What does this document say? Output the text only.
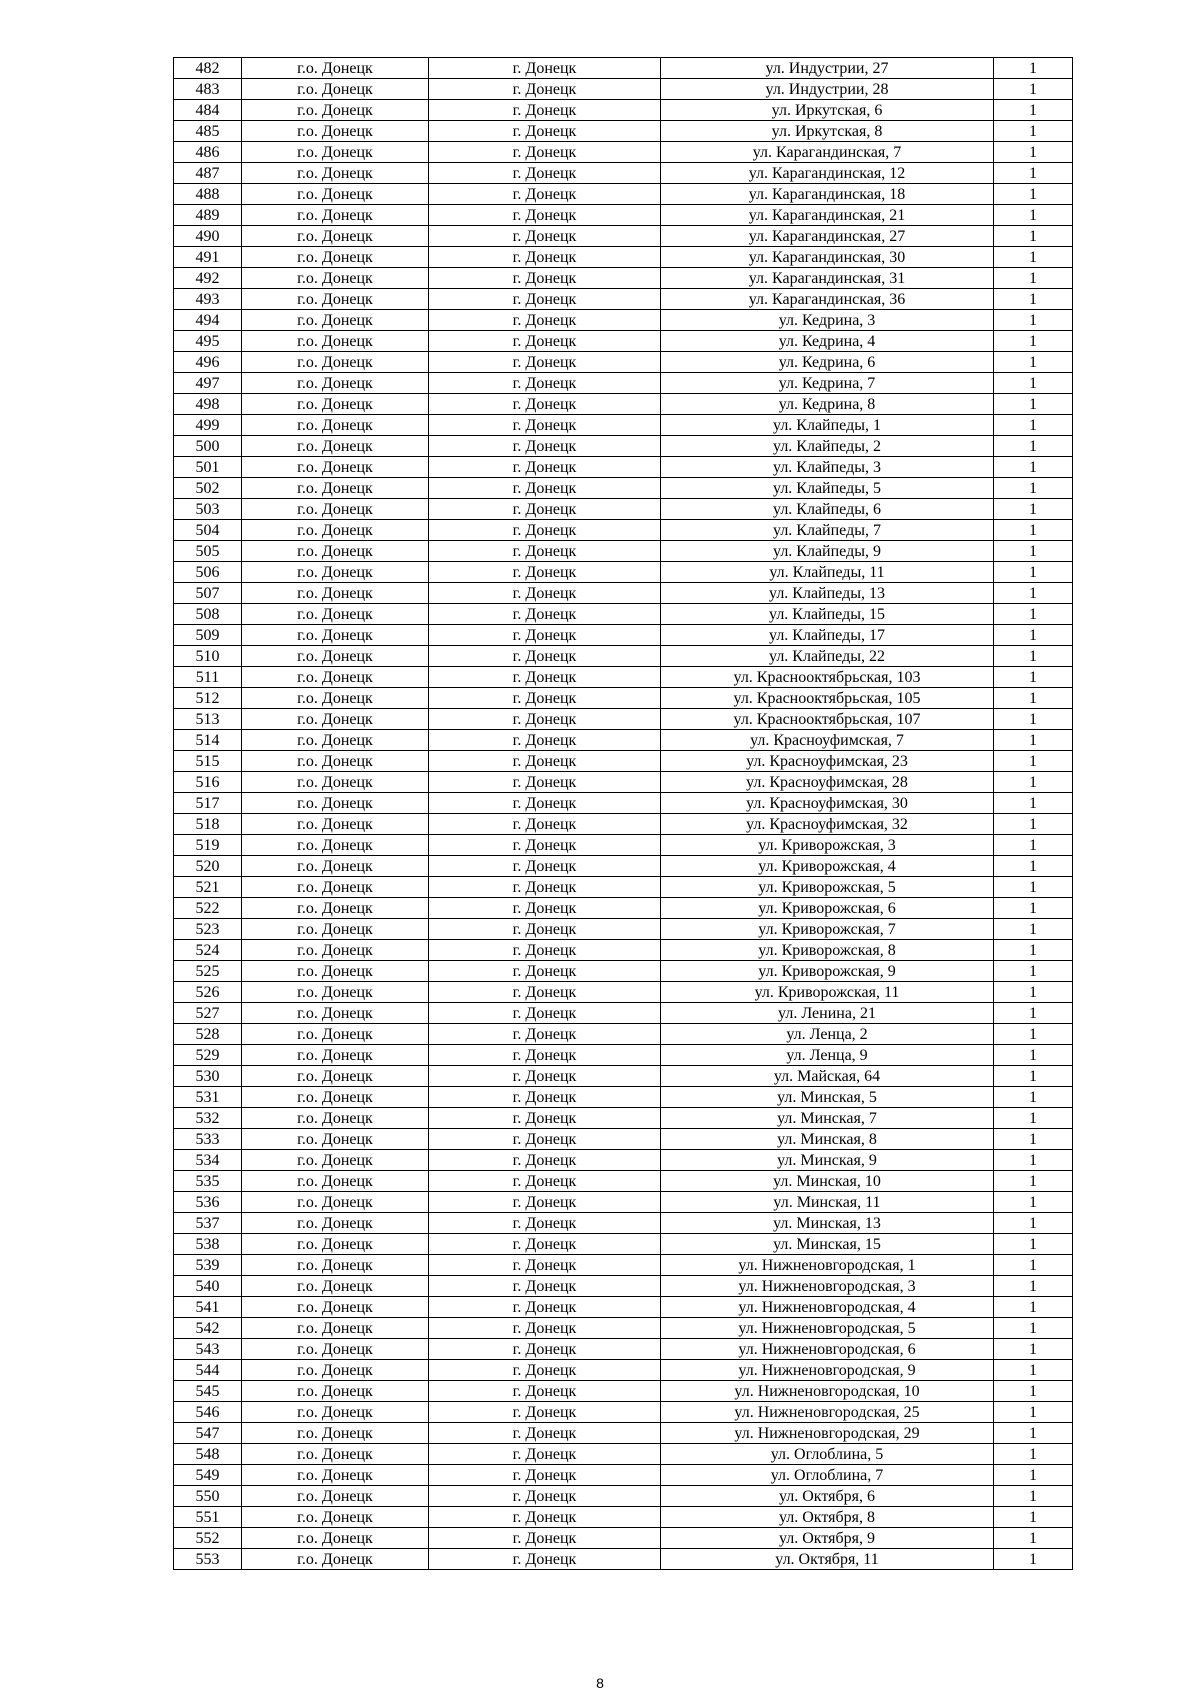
482	г.о. Донецк	г. Донецк	ул. Индустрии, 27	1
483	г.о. Донецк	г. Донецк	ул. Индустрии, 28	1
484	г.о. Донецк	г. Донецк	ул. Иркутская, 6	1
485	г.о. Донецк	г. Донецк	ул. Иркутская, 8	1
486	г.о. Донецк	г. Донецк	ул. Карагандинская, 7	1
487	г.о. Донецк	г. Донецк	ул. Карагандинская, 12	1
488	г.о. Донецк	г. Донецк	ул. Карагандинская, 18	1
489	г.о. Донецк	г. Донецк	ул. Карагандинская, 21	1
490	г.о. Донецк	г. Донецк	ул. Карагандинская, 27	1
491	г.о. Донецк	г. Донецк	ул. Карагандинская, 30	1
492	г.о. Донецк	г. Донецк	ул. Карагандинская, 31	1
493	г.о. Донецк	г. Донецк	ул. Карагандинская, 36	1
494	г.о. Донецк	г. Донецк	ул. Кедрина, 3	1
495	г.о. Донецк	г. Донецк	ул. Кедрина, 4	1
496	г.о. Донецк	г. Донецк	ул. Кедрина, 6	1
497	г.о. Донецк	г. Донецк	ул. Кедрина, 7	1
498	г.о. Донецк	г. Донецк	ул. Кедрина, 8	1
499	г.о. Донецк	г. Донецк	ул. Клайпеды, 1	1
500	г.о. Донецк	г. Донецк	ул. Клайпеды, 2	1
501	г.о. Донецк	г. Донецк	ул. Клайпеды, 3	1
502	г.о. Донецк	г. Донецк	ул. Клайпеды, 5	1
503	г.о. Донецк	г. Донецк	ул. Клайпеды, 6	1
504	г.о. Донецк	г. Донецк	ул. Клайпеды, 7	1
505	г.о. Донецк	г. Донецк	ул. Клайпеды, 9	1
506	г.о. Донецк	г. Донецк	ул. Клайпеды, 11	1
507	г.о. Донецк	г. Донецк	ул. Клайпеды, 13	1
508	г.о. Донецк	г. Донецк	ул. Клайпеды, 15	1
509	г.о. Донецк	г. Донецк	ул. Клайпеды, 17	1
510	г.о. Донецк	г. Донецк	ул. Клайпеды, 22	1
511	г.о. Донецк	г. Донецк	ул. Краснооктябрьская, 103	1
512	г.о. Донецк	г. Донецк	ул. Краснооктябрьская, 105	1
513	г.о. Донецк	г. Донецк	ул. Краснооктябрьская, 107	1
514	г.о. Донецк	г. Донецк	ул. Красноуфимская, 7	1
515	г.о. Донецк	г. Донецк	ул. Красноуфимская, 23	1
516	г.о. Донецк	г. Донецк	ул. Красноуфимская, 28	1
517	г.о. Донецк	г. Донецк	ул. Красноуфимская, 30	1
518	г.о. Донецк	г. Донецк	ул. Красноуфимская, 32	1
519	г.о. Донецк	г. Донецк	ул. Криворожская, 3	1
520	г.о. Донецк	г. Донецк	ул. Криворожская, 4	1
521	г.о. Донецк	г. Донецк	ул. Криворожская, 5	1
522	г.о. Донецк	г. Донецк	ул. Криворожская, 6	1
523	г.о. Донецк	г. Донецк	ул. Криворожская, 7	1
524	г.о. Донецк	г. Донецк	ул. Криворожская, 8	1
525	г.о. Донецк	г. Донецк	ул. Криворожская, 9	1
526	г.о. Донецк	г. Донецк	ул. Криворожская, 11	1
527	г.о. Донецк	г. Донецк	ул. Ленина, 21	1
528	г.о. Донецк	г. Донецк	ул. Ленца, 2	1
529	г.о. Донецк	г. Донецк	ул. Ленца, 9	1
530	г.о. Донецк	г. Донецк	ул. Майская, 64	1
531	г.о. Донецк	г. Донецк	ул. Минская, 5	1
532	г.о. Донецк	г. Донецк	ул. Минская, 7	1
533	г.о. Донецк	г. Донецк	ул. Минская, 8	1
534	г.о. Донецк	г. Донецк	ул. Минская, 9	1
535	г.о. Донецк	г. Донецк	ул. Минская, 10	1
536	г.о. Донецк	г. Донецк	ул. Минская, 11	1
537	г.о. Донецк	г. Донецк	ул. Минская, 13	1
538	г.о. Донецк	г. Донецк	ул. Минская, 15	1
539	г.о. Донецк	г. Донецк	ул. Нижненовгородская, 1	1
540	г.о. Донецк	г. Донецк	ул. Нижненовгородская, 3	1
541	г.о. Донецк	г. Донецк	ул. Нижненовгородская, 4	1
542	г.о. Донецк	г. Донецк	ул. Нижненовгородская, 5	1
543	г.о. Донецк	г. Донецк	ул. Нижненовгородская, 6	1
544	г.о. Донецк	г. Донецк	ул. Нижненовгородская, 9	1
545	г.о. Донецк	г. Донецк	ул. Нижненовгородская, 10	1
546	г.о. Донецк	г. Донецк	ул. Нижненовгородская, 25	1
547	г.о. Донецк	г. Донецк	ул. Нижненовгородская, 29	1
548	г.о. Донецк	г. Донецк	ул. Оглоблина, 5	1
549	г.о. Донецк	г. Донецк	ул. Оглоблина, 7	1
550	г.о. Донецк	г. Донецк	ул. Октября, 6	1
551	г.о. Донецк	г. Донецк	ул. Октября, 8	1
552	г.о. Донецк	г. Донецк	ул. Октября, 9	1
553	г.о. Донецк	г. Донецк	ул. Октября, 11	1
8
